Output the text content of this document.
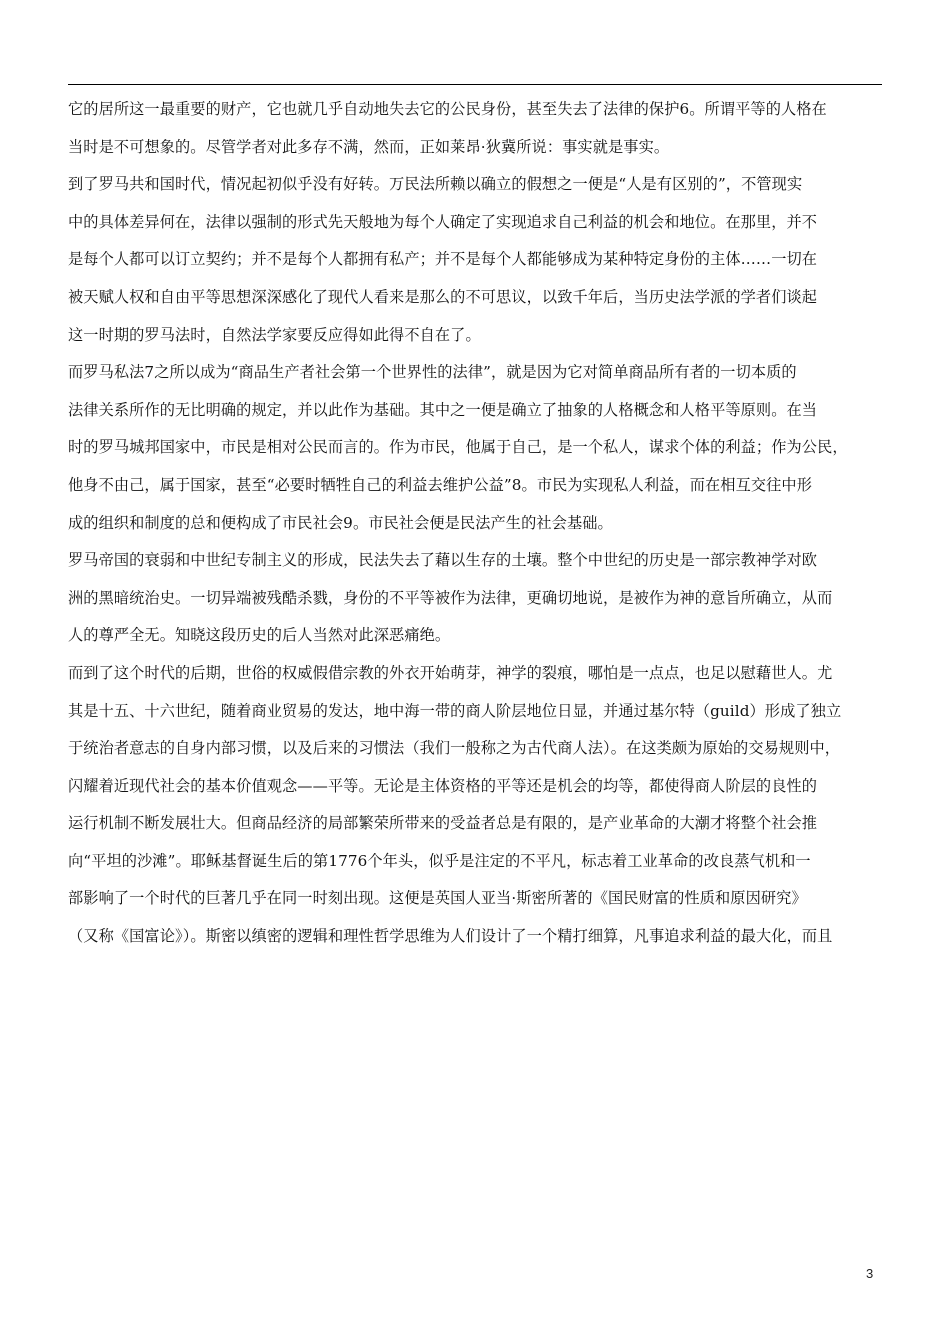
它的居所这一最重要的财产，它也就几乎自动地失去它的公民身份，甚至失去了法律的保护6。所谓平等的人格在
当时是不可想象的。尽管学者对此多存不满，然而，正如莱昂·狄冀所说：事实就是事实。
到了罗马共和国时代，情况起初似乎没有好转。万民法所赖以确立的假想之一便是“人是有区别的”，不管现实
中的具体差异何在，法律以强制的形式先天般地为每个人确定了实现追求自己利益的机会和地位。在那里，并不
是每个人都可以订立契约；并不是每个人都拥有私产；并不是每个人都能够成为某种特定身份的主体……一切在
被天赋人权和自由平等思想深深感化了现代人看来是那么的不可思议，以致千年后，当历史法学派的学者们谈起
这一时期的罗马法时，自然法学家要反应得如此得不自在了。
而罗马私法7之所以成为“商品生产者社会第一个世界性的法律”，就是因为它对简单商品所有者的一切本质的
法律关系所作的无比明确的规定，并以此作为基础。其中之一便是确立了抽象的人格概念和人格平等原则。在当
时的罗马城邦国家中，市民是相对公民而言的。作为市民，他属于自己，是一个私人，谋求个体的利益；作为公民，
他身不由己，属于国家，甚至“必要时牺牲自己的利益去维护公益”8。市民为实现私人利益，而在相互交往中形
成的组织和制度的总和便构成了市民社会9。市民社会便是民法产生的社会基础。
罗马帝国的衰弱和中世纪专制主义的形成，民法失去了藉以生存的土壤。整个中世纪的历史是一部宗教神学对欧
洲的黑暗统治史。一切异端被残酷杀戮，身份的不平等被作为法律，更确切地说，是被作为神的意旨所确立，从而
人的尊严全无。知晓这段历史的后人当然对此深恶痛绝。
而到了这个时代的后期，世俗的权威假借宗教的外衣开始萌芽，神学的裂痕，哪怕是一点点，也足以慰藉世人。尤
其是十五、十六世纪，随着商业贸易的发达，地中海一带的商人阶层地位日显，并通过基尔特（guild）形成了独立
于统治者意志的自身内部习惯，以及后来的习惯法（我们一般称之为古代商人法）。在这类颇为原始的交易规则中，
闪耀着近现代社会的基本价值观念——平等。无论是主体资格的平等还是机会的均等，都使得商人阶层的良性的
运行机制不断发展壮大。但商品经济的局部繁荣所带来的受益者总是有限的，是产业革命的大潮才将整个社会推
向“平坦的沙滩”。耶稣基督诞生后的第1776个年头，似乎是注定的不平凡，标志着工业革命的改良蒸气机和一
部影响了一个时代的巨著几乎在同一时刻出现。这便是英国人亚当·斯密所著的《国民财富的性质和原因研究》
（又称《国富论》）。斯密以缜密的逻辑和理性哲学思维为人们设计了一个精打细算，凡事追求利益的最大化，而且
3
